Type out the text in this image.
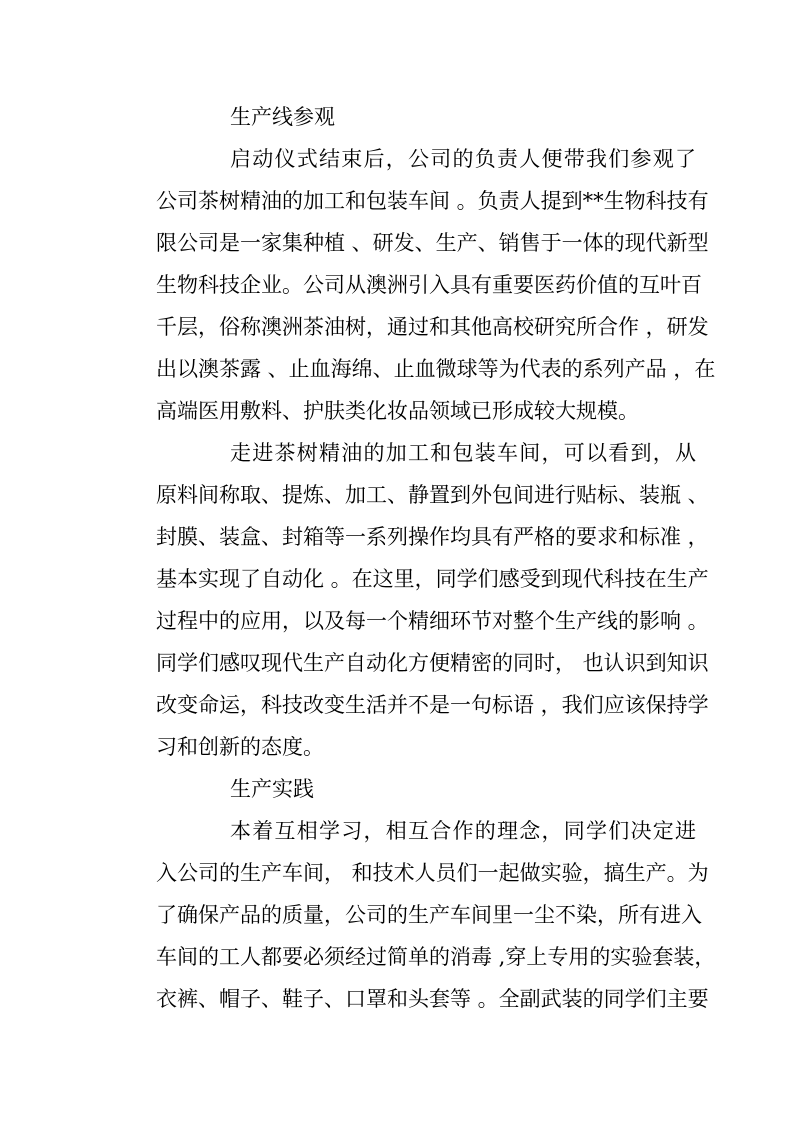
生产线参观
启动仪式结束后，公司的负责人便带我们参观了
公司茶树精油的加工和包装车间 。负责人提到**生物科技有
限公司是一家集种植 、研发、生产、销售于一体的现代新型
生物科技企业。公司从澳洲引入具有重要医药价值的互叶百
千层，俗称澳洲茶油树，通过和其他高校研究所合作 ，研发
出以澳茶露 、止血海绵、止血微球等为代表的系列产品 ，在
高端医用敷料、护肤类化妆品领域已形成较大规模。
走进茶树精油的加工和包装车间，可以看到，从
原料间称取、提炼、加工、静置到外包间进行贴标、装瓶 、
封膜、装盒、封箱等一系列操作均具有严格的要求和标准 ，
基本实现了自动化 。在这里，同学们感受到现代科技在生产
过程中的应用，以及每一个精细环节对整个生产线的影响 。
同学们感叹现代生产自动化方便精密的同时， 也认识到知识
改变命运，科技改变生活并不是一句标语 ，我们应该保持学
习和创新的态度。
生产实践
本着互相学习，相互合作的理念，同学们决定进
入公司的生产车间， 和技术人员们一起做实验，搞生产。为
了确保产品的质量，公司的生产车间里一尘不染，所有进入
车间的工人都要必须经过简单的消毒 ,穿上专用的实验套装，
衣裤、帽子、鞋子、口罩和头套等 。全副武装的同学们主要
